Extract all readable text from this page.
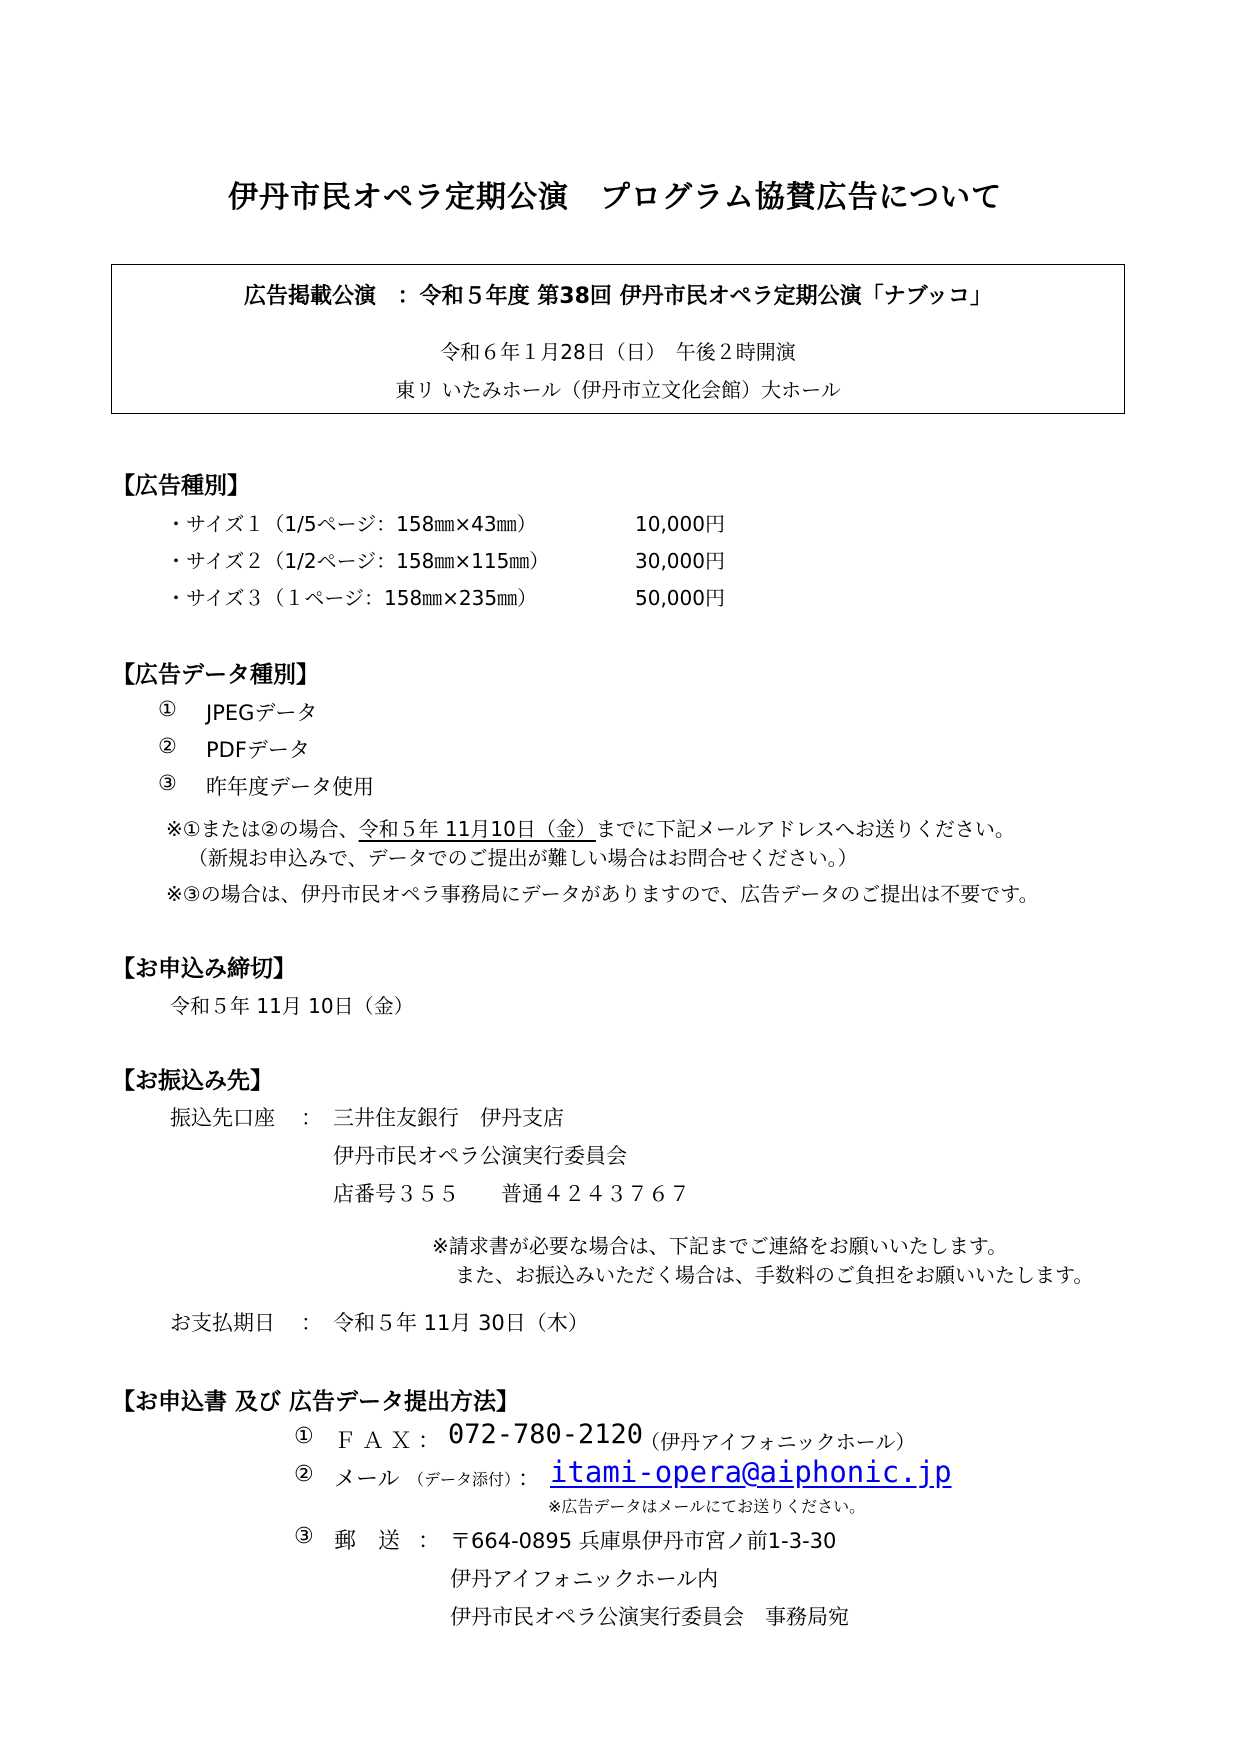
伊丹市民オペラ定期公演　プログラム協賛広告について
広告掲載公演 ：令和５年度 第38回 伊丹市民オペラ定期公演「ナブッコ」
令和６年１月28日（日）　午後２時開演
東リ いたみホール（伊丹市立文化会館）大ホール
【広告種別】
・サイズ１（1/5ページ：158㎜×43㎜）	10,000円
・サイズ２（1/2ページ：158㎜×115㎜）	30,000円
・サイズ３（１ページ：158㎜×235㎜）	50,000円
【広告データ種別】
① JPEGデータ
② PDFデータ
③ 昨年度データ使用
※①または②の場合、令和５年 11月10日（金）までに下記メールアドレスへお送りください。
（新規お申込みで、データでのご提出が難しい場合はお問合せください。）
※③の場合は、伊丹市民オペラ事務局にデータがありますので、広告データのご提出は不要です。
【お申込み締切】
令和５年 11月 10日（金）
【お振込み先】
振込先口座 ： 三井住友銀行　伊丹支店
伊丹市民オペラ公演実行委員会
店番号３５５　　普通４２４３７６７
※請求書が必要な場合は、下記までご連絡をお願いいたします。
また、お振込みいただく場合は、手数料のご負担をお願いいたします。
お支払期日 ： 令和５年 11月 30日（木）
【お申込書 及び 広告データ提出方法】
① ＦＡＸ ： 072-780-2120
（伊丹アイフォニックホール）
② メール （データ添付）
： itami-opera@aiphonic.jp
※広告データはメールにてお送りください。
③ 郵　送 ： 〒664-0895 兵庫県伊丹市宮ノ前1-3-30
伊丹アイフォニックホール内
伊丹市民オペラ公演実行委員会　事務局宛
